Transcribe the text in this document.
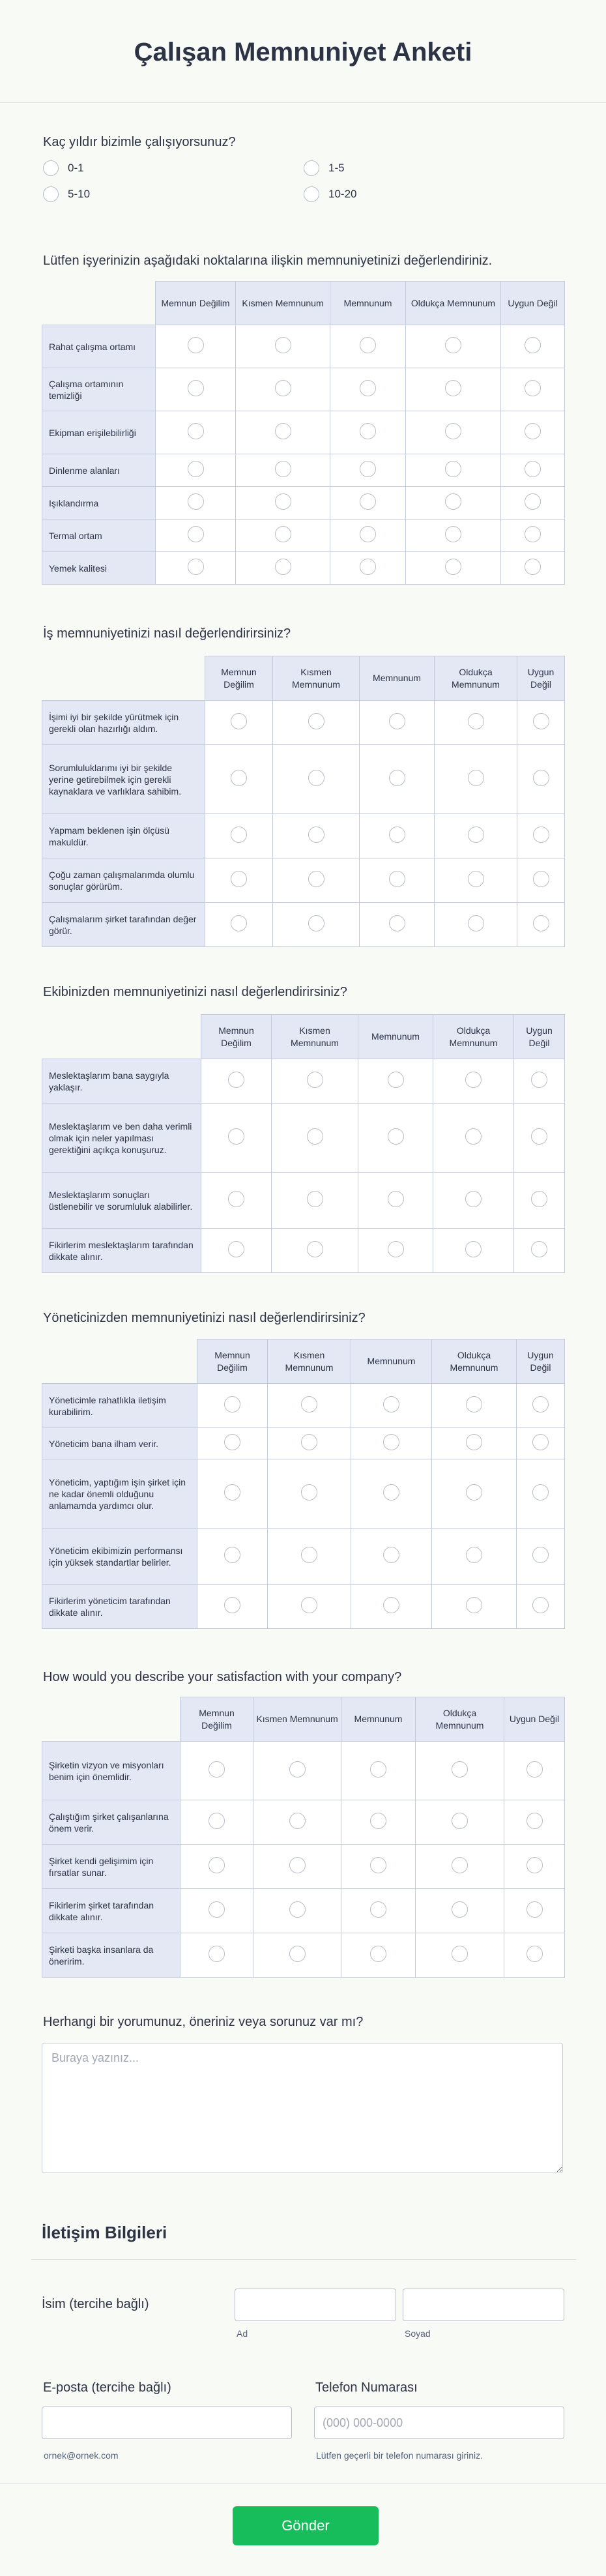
Çalışan Memnuniyet Anketi
Kaç yıldır bizimle çalışıyorsunuz?
0-1	1-5
5-10	10-20
Lütfen işyerinizin aşağıdaki noktalarına ilişkin memnuniyetinizi değerlendiriniz.
	Memnun Değilim	Kısmen Memnunum	Memnunum	Oldukça Memnunum	Uygun Değil
Rahat çalışma ortamı					
Çalışma ortamının temizliği					
Ekipman erişilebilirliği					
Dinlenme alanları					
Işıklandırma					
Termal ortam					
Yemek kalitesi					
İş memnuniyetinizi nasıl değerlendirirsiniz?
	Memnun Değilim	Kısmen Memnunum	Memnunum	Oldukça Memnunum	Uygun Değil
İşimi iyi bir şekilde yürütmek için gerekli olan hazırlığı aldım.					
Sorumluluklarımı iyi bir şekilde yerine getirebilmek için gerekli kaynaklara ve varlıklara sahibim.					
Yapmam beklenen işin ölçüsü makuldür.					
Çoğu zaman çalışmalarımda olumlu sonuçlar görürüm.					
Çalışmalarım şirket tarafından değer görür.					
Ekibinizden memnuniyetinizi nasıl değerlendirirsiniz?
	Memnun Değilim	Kısmen Memnunum	Memnunum	Oldukça Memnunum	Uygun Değil
Meslektaşlarım bana saygıyla yaklaşır.					
Meslektaşlarım ve ben daha verimli olmak için neler yapılması gerektiğini açıkça konuşuruz.					
Meslektaşlarım sonuçları üstlenebilir ve sorumluluk alabilirler.					
Fikirlerim meslektaşlarım tarafından dikkate alınır.					
Yöneticinizden memnuniyetinizi nasıl değerlendirirsiniz?
	Memnun Değilim	Kısmen Memnunum	Memnunum	Oldukça Memnunum	Uygun Değil
Yöneticimle rahatlıkla iletişim kurabilirim.					
Yöneticim bana ilham verir.					
Yöneticim, yaptığım işin şirket için ne kadar önemli olduğunu anlamamda yardımcı olur.					
Yöneticim ekibimizin performansı için yüksek standartlar belirler.					
Fikirlerim yöneticim tarafından dikkate alınır.					
How would you describe your satisfaction with your company?
	Memnun Değilim	Kısmen Memnunum	Memnunum	Oldukça Memnunum	Uygun Değil
Şirketin vizyon ve misyonları benim için önemlidir.					
Çalıştığım şirket çalışanlarına önem verir.					
Şirket kendi gelişimim için fırsatlar sunar.					
Fikirlerim şirket tarafından dikkate alınır.					
Şirketi başka insanlara da öneririm.					
Herhangi bir yorumunuz, öneriniz veya sorunuz var mı?
Buraya yazınız...
İletişim Bilgileri
İsim (tercihe bağlı)
Ad	Soyad
E-posta (tercihe bağlı)
ornek@ornek.com
Telefon Numarası
(000) 000-0000
Lütfen geçerli bir telefon numarası giriniz.
Gönder
